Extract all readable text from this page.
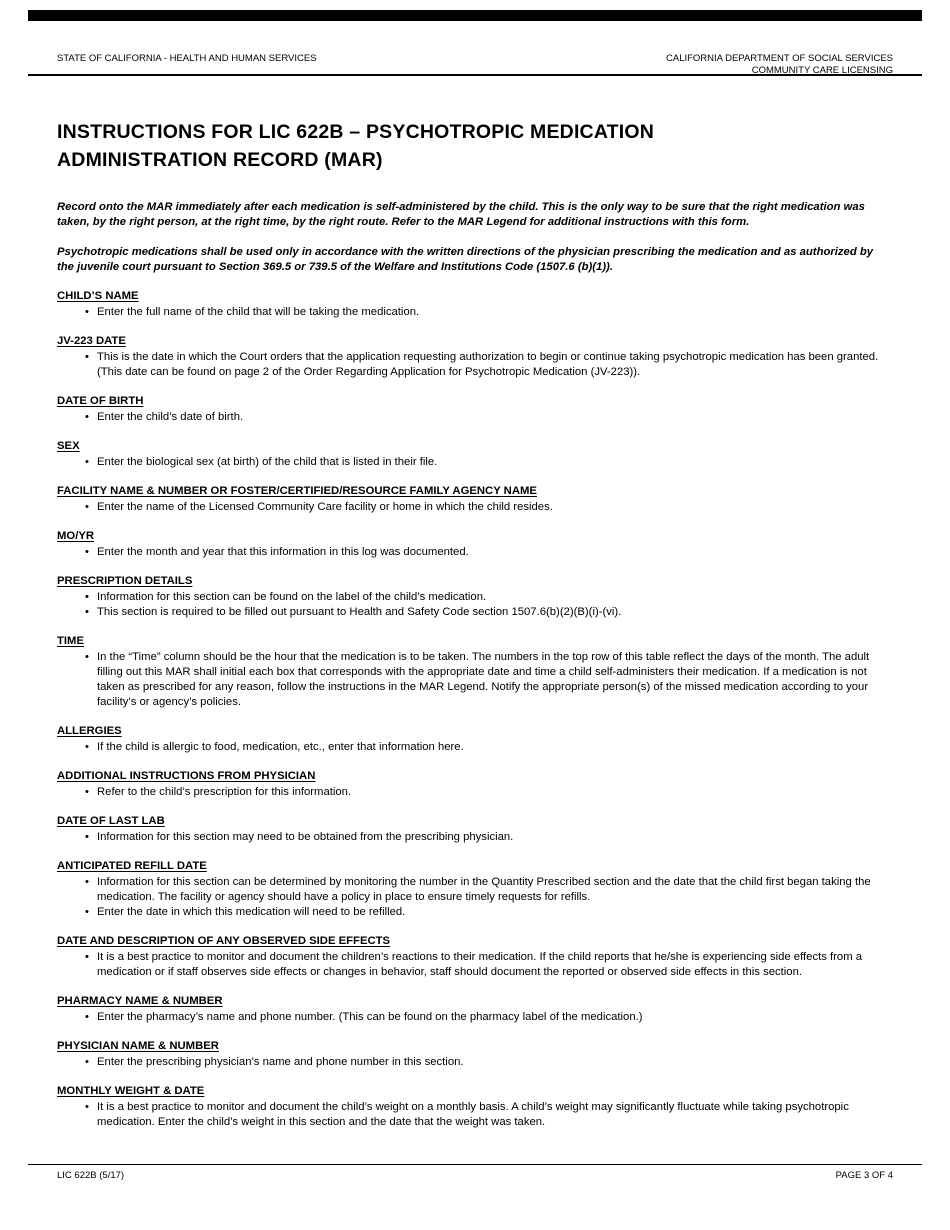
STATE OF CALIFORNIA - HEALTH AND HUMAN SERVICES	CALIFORNIA DEPARTMENT OF SOCIAL SERVICES
COMMUNITY CARE LICENSING
INSTRUCTIONS FOR LIC 622B – PSYCHOTROPIC MEDICATION
ADMINISTRATION RECORD (MAR)

Record onto the MAR immediately after each medication is self-administered by the child. This is the only way to be sure that the right medication was taken, by the right person, at the right time, by the right route. Refer to the MAR Legend for additional instructions with this form.

Psychotropic medications shall be used only in accordance with the written directions of the physician prescribing the medication and as authorized by the juvenile court pursuant to Section 369.5 or 739.5 of the Welfare and Institutions Code (1507.6 (b)(1)).

CHILD’S NAME
• Enter the full name of the child that will be taking the medication.
JV-223 DATE
• This is the date in which the Court orders that the application requesting authorization to begin or continue taking psychotropic medication has been granted. (This date can be found on page 2 of the Order Regarding Application for Psychotropic Medication (JV-223)).
DATE OF BIRTH
• Enter the child’s date of birth.
SEX
• Enter the biological sex (at birth) of the child that is listed in their file.
FACILITY NAME & NUMBER OR FOSTER/CERTIFIED/RESOURCE FAMILY AGENCY NAME
• Enter the name of the Licensed Community Care facility or home in which the child resides.
MO/YR
• Enter the month and year that this information in this log was documented.
PRESCRIPTION DETAILS
• Information for this section can be found on the label of the child’s medication.
• This section is required to be filled out pursuant to Health and Safety Code section 1507.6(b)(2)(B)(i)-(vi).
TIME
• In the “Time” column should be the hour that the medication is to be taken. The numbers in the top row of this table reflect the days of the month. The adult filling out this MAR shall initial each box that corresponds with the appropriate date and time a child self-administers their medication. If a medication is not taken as prescribed for any reason, follow the instructions in the MAR Legend. Notify the appropriate person(s) of the missed medication according to your facility’s or agency’s policies.
ALLERGIES
• If the child is allergic to food, medication, etc., enter that information here.
ADDITIONAL INSTRUCTIONS FROM PHYSICIAN
• Refer to the child’s prescription for this information.
DATE OF LAST LAB
• Information for this section may need to be obtained from the prescribing physician.
ANTICIPATED REFILL DATE
• Information for this section can be determined by monitoring the number in the Quantity Prescribed section and the date that the child first began taking the medication. The facility or agency should have a policy in place to ensure timely requests for refills.
• Enter the date in which this medication will need to be refilled.
DATE AND DESCRIPTION OF ANY OBSERVED SIDE EFFECTS
• It is a best practice to monitor and document the children’s reactions to their medication. If the child reports that he/she is experiencing side effects from a medication or if staff observes side effects or changes in behavior, staff should document the reported or observed side effects in this section.
PHARMACY NAME & NUMBER
• Enter the pharmacy’s name and phone number. (This can be found on the pharmacy label of the medication.)
PHYSICIAN NAME & NUMBER
• Enter the prescribing physician’s name and phone number in this section.
MONTHLY WEIGHT & DATE
• It is a best practice to monitor and document the child’s weight on a monthly basis. A child’s weight may significantly fluctuate while taking psychotropic medication. Enter the child’s weight in this section and the date that the weight was taken.
LIC 622B (5/17)	PAGE 3 OF 4
